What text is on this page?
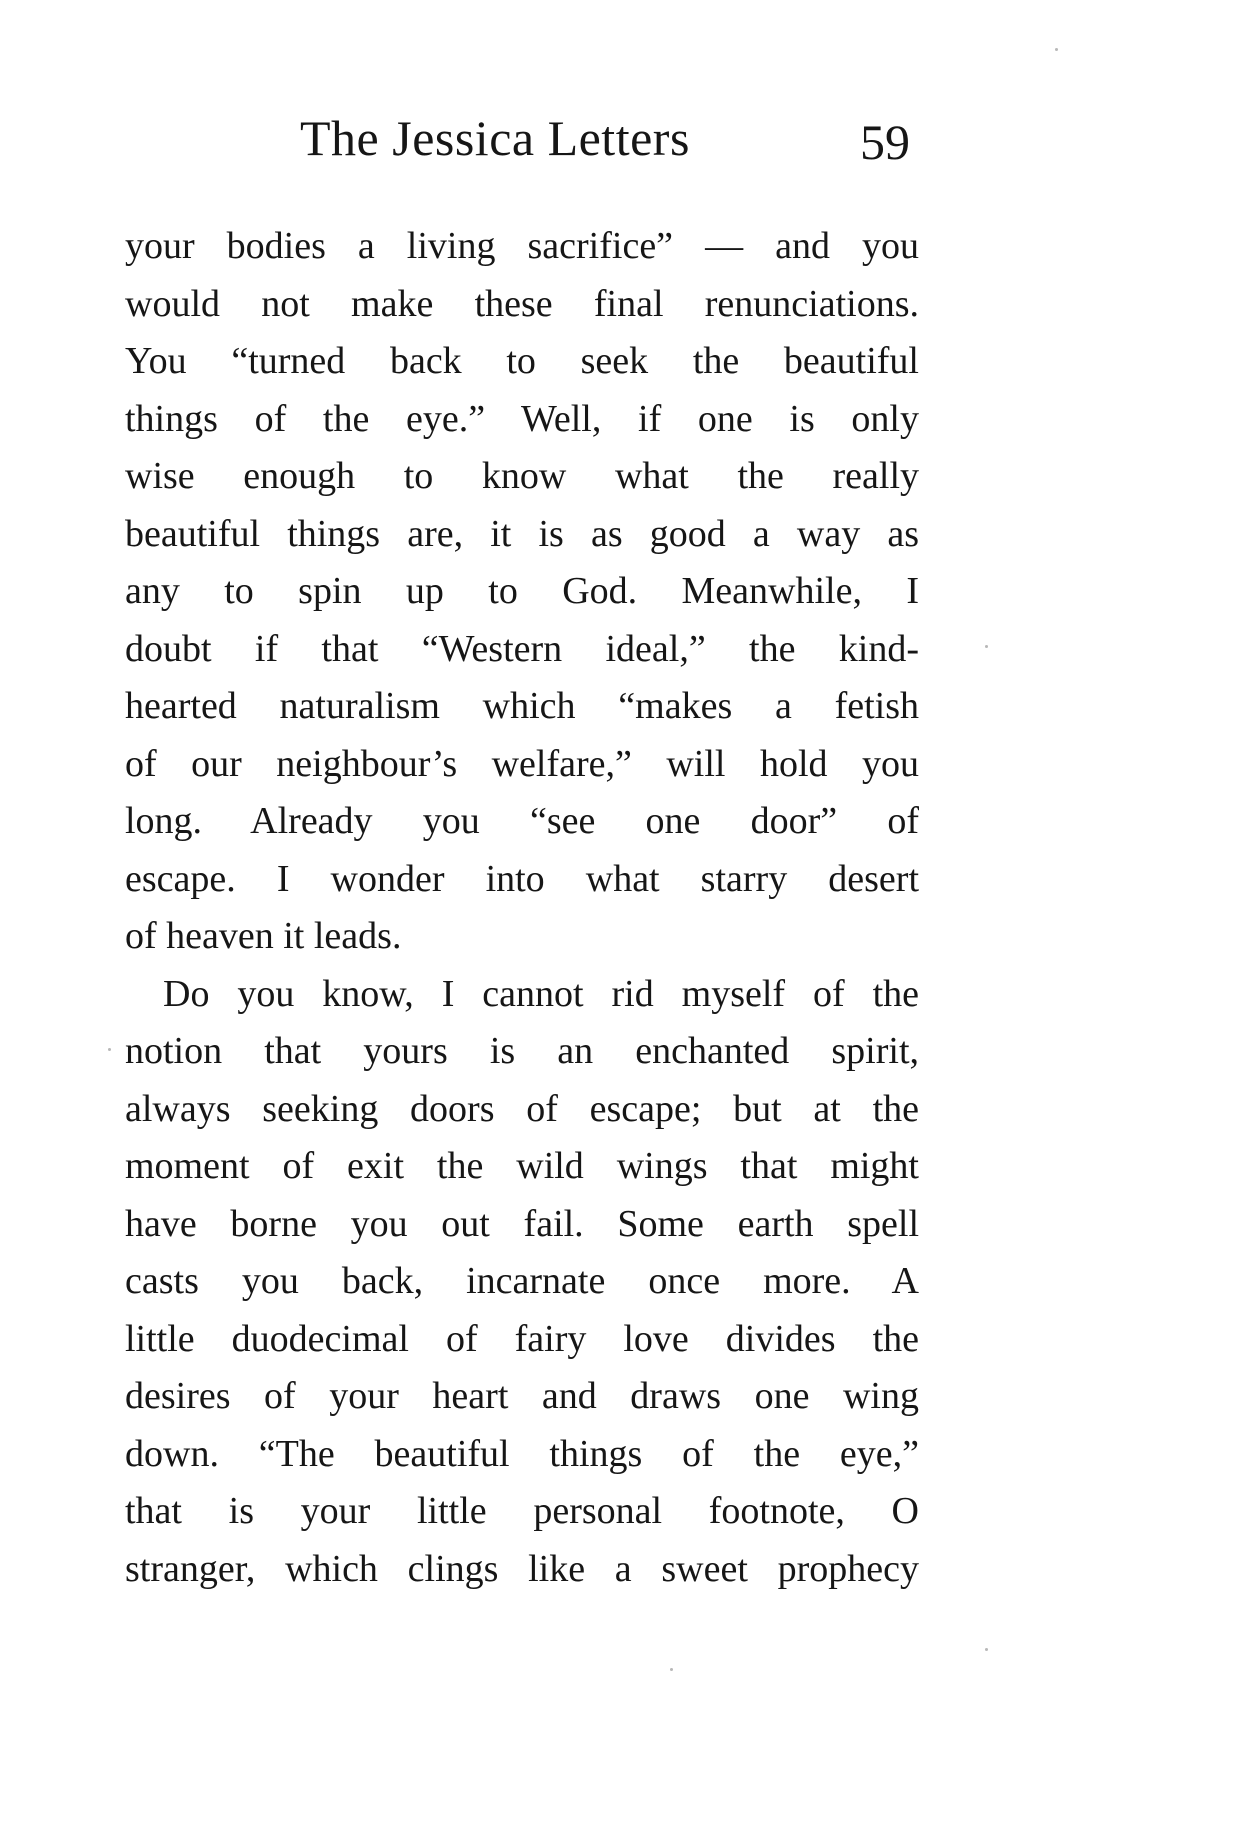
The Jessica Letters	59
your bodies a living sacrifice” — and you
would not make these final renunciations.
You “turned back to seek the beautiful
things of the eye.” Well, if one is only
wise enough to know what the really
beautiful things are, it is as good a way as
any to spin up to God. Meanwhile, I
doubt if that “Western ideal,” the kind-
hearted naturalism which “makes a fetish
of our neighbour’s welfare,” will hold you
long. Already you “see one door” of
escape. I wonder into what starry desert
of heaven it leads.
Do you know, I cannot rid myself of the
notion that yours is an enchanted spirit,
always seeking doors of escape; but at the
moment of exit the wild wings that might
have borne you out fail. Some earth spell
casts you back, incarnate once more. A
little duodecimal of fairy love divides the
desires of your heart and draws one wing
down. “The beautiful things of the eye,”
that is your little personal footnote, O
stranger, which clings like a sweet prophecy
